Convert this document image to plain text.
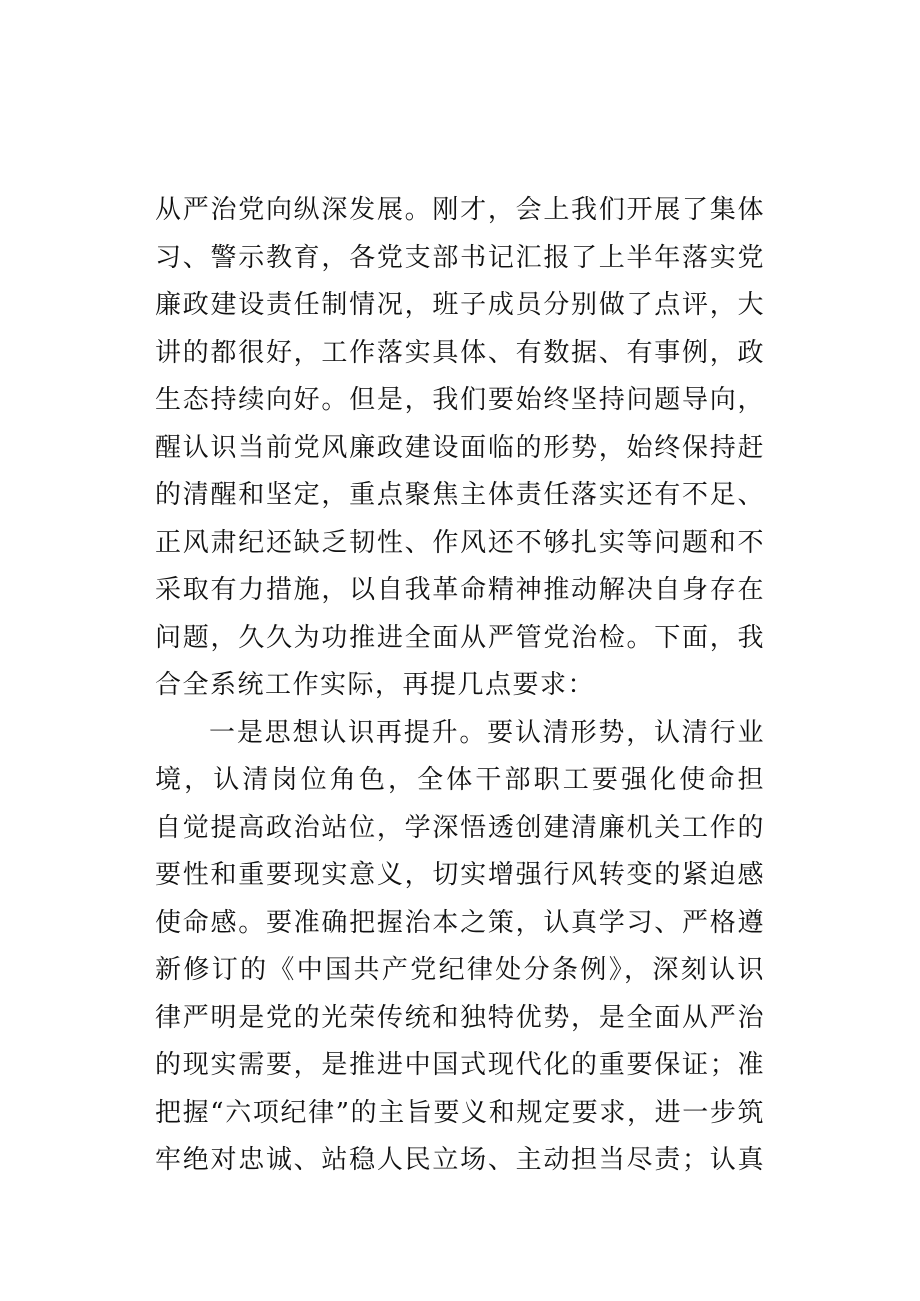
从严治党向纵深发展。刚才，会上我们开展了集体
习、警示教育，各党支部书记汇报了上半年落实党
廉政建设责任制情况，班子成员分别做了点评，大
讲的都很好，工作落实具体、有数据、有事例，政
生态持续向好。但是，我们要始终坚持问题导向，
醒认识当前党风廉政建设面临的形势，始终保持赶
的清醒和坚定，重点聚焦主体责任落实还有不足、
正风肃纪还缺乏韧性、作风还不够扎实等问题和不
采取有力措施，以自我革命精神推动解决自身存在
问题，久久为功推进全面从严管党治检。下面，我
合全系统工作实际，再提几点要求：
一是思想认识再提升。要认清形势，认清行业
境，认清岗位角色，全体干部职工要强化使命担
自觉提高政治站位，学深悟透创建清廉机关工作的
要性和重要现实意义，切实增强行风转变的紧迫感
使命感。要准确把握治本之策，认真学习、严格遵
新修订的《中国共产党纪律处分条例》，深刻认识
律严明是党的光荣传统和独特优势，是全面从严治
的现实需要，是推进中国式现代化的重要保证；准
把握“六项纪律”的主旨要义和规定要求，进一步筑
牢绝对忠诚、站稳人民立场、主动担当尽责；认真
